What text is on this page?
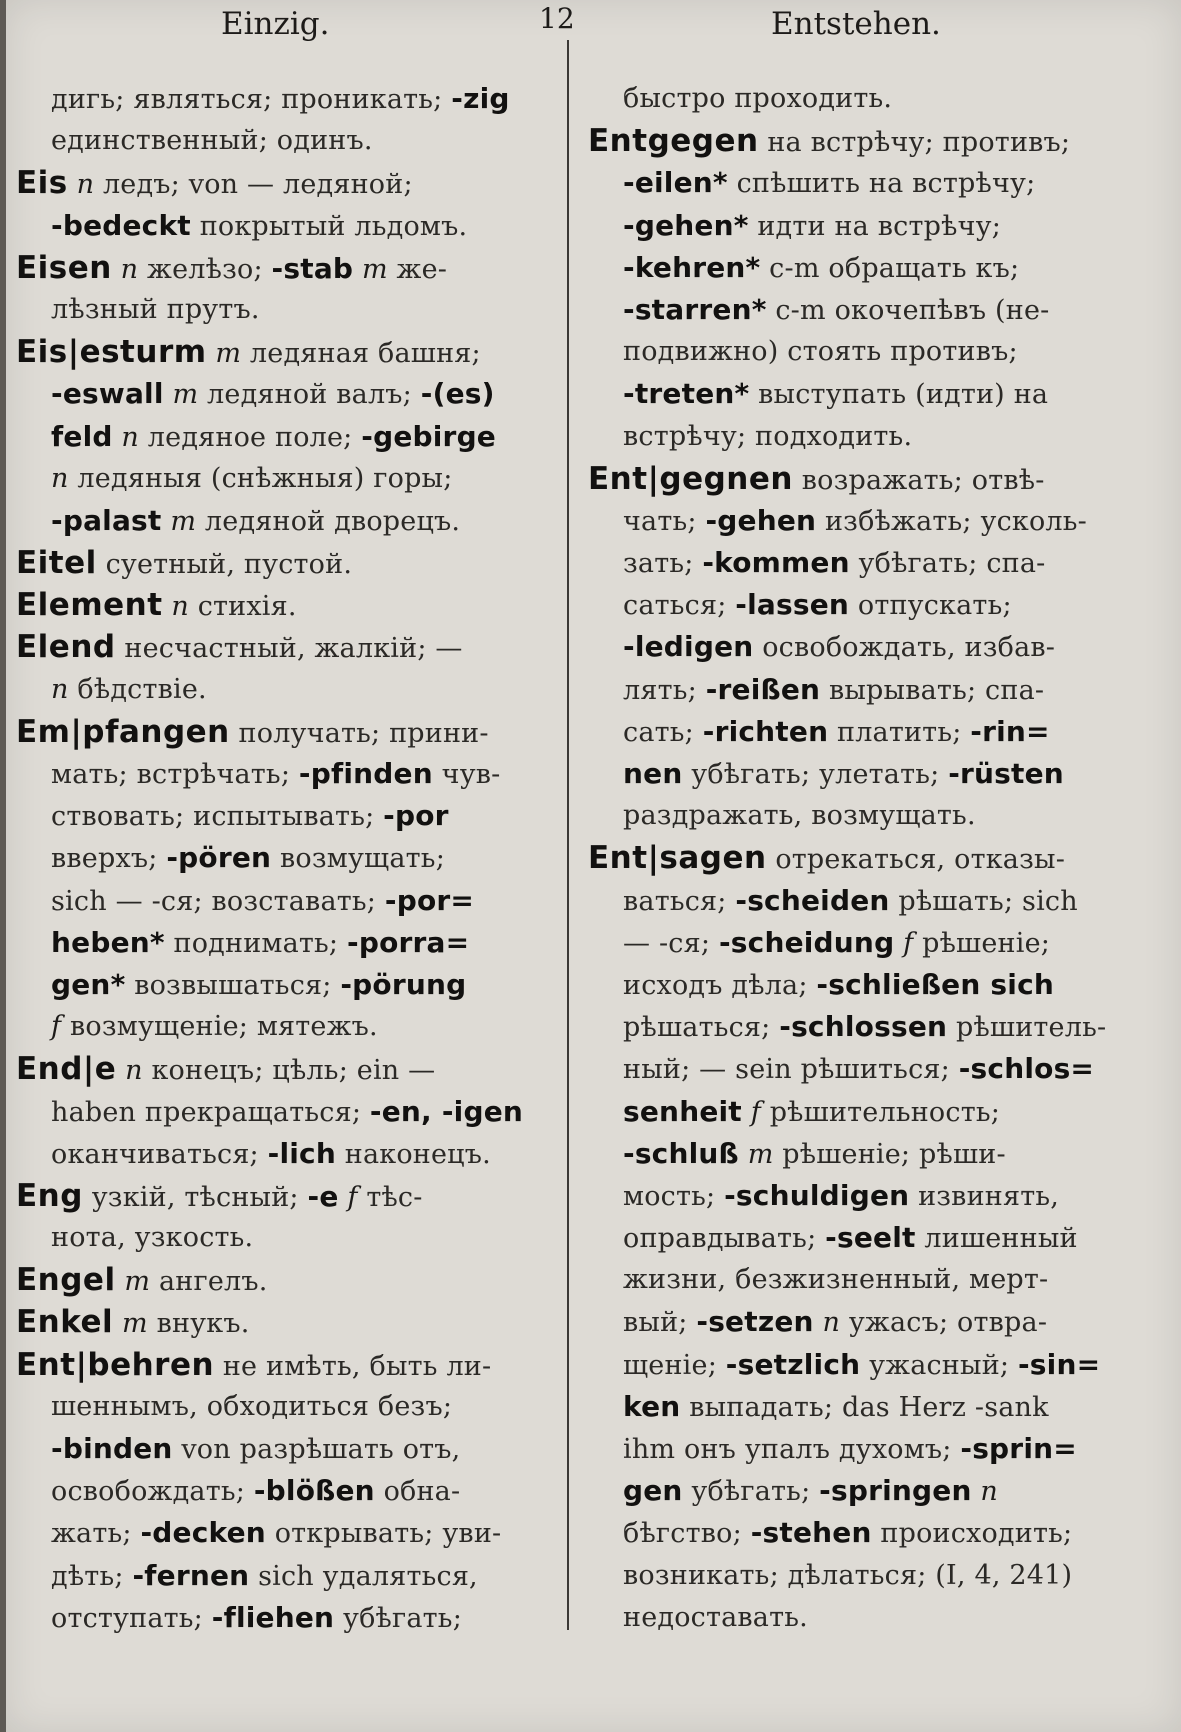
Einzig.	12	Entstehen.
дигь; являться; проникать; -zig
единственный; одинъ.
Eis n ледъ; von — ледяной;
-bedeckt покрытый льдомъ.
Eisen n желѣзо; -stab m же-
лѣзный прутъ.
Eis|esturm m ледяная башня;
-eswall m ледяной валъ; -(es)
feld n ледяное поле; -gebirge
n ледяныя (снѣжныя) горы;
-palast m ледяной дворецъ.
Eitel суетный, пустой.
Element n стихія.
Elend несчастный, жалкій; —
n бѣдствіе.
Em|pfangen получать; прини-
мать; встрѣчать; -pfinden чув-
ствовать; испытывать; -por
вверхъ; -pören возмущать;
sich — -ся; возставать; -por=
heben* поднимать; -porra=
gen* возвышаться; -pörung
f возмущеніе; мятежъ.
End|e n конецъ; цѣль; ein —
haben прекращаться; -en, -igen
оканчиваться; -lich наконецъ.
Eng узкій, тѣсный; -e f тѣс-
нота, узкость.
Engel m ангелъ.
Enkel m внукъ.
Ent|behren не имѣть, быть ли-
шеннымъ, обходиться безъ;
-binden von разрѣшать отъ,
освобождать; -blößen обна-
жать; -decken открывать; уви-
дѣть; -fernen sich удаляться,
отступать; -fliehen убѣгать;
быстро проходить.
Entgegen на встрѣчу; противъ;
-eilen* спѣшить на встрѣчу;
-gehen* идти на встрѣчу;
-kehren* с-m обращать къ;
-starren* с-m окочепѣвъ (не-
подвижно) стоять противъ;
-treten* выступать (идти) на
встрѣчу; подходить.
Ent|gegnen возражать; отвѣ-
чать; -gehen избѣжать; усколь-
зать; -kommen убѣгать; спа-
саться; -lassen отпускать;
-ledigen освобождать, избав-
лять; -reißen вырывать; спа-
сать; -richten платить; -rin=
nen убѣгать; улетать; -rüsten
раздражать, возмущать.
Ent|sagen отрекаться, отказы-
ваться; -scheiden рѣшать; sich
— -ся; -scheidung f рѣшеніе;
исходъ дѣла; -schließen sich
рѣшаться; -schlossen рѣшитель-
ный; — sein рѣшиться; -schlos=
senheit f рѣшительность;
-schluß m рѣшеніе; рѣши-
мость; -schuldigen извинять,
оправдывать; -seelt лишенный
жизни, безжизненный, мерт-
вый; -setzen n ужасъ; отвра-
щеніе; -setzlich ужасный; -sin=
ken выпадать; das Herz -sank
ihm онъ упалъ духомъ; -sprin=
gen убѣгать; -springen n
бѣгство; -stehen происходить;
возникать; дѣлаться; (I, 4, 241)
недоставать.
